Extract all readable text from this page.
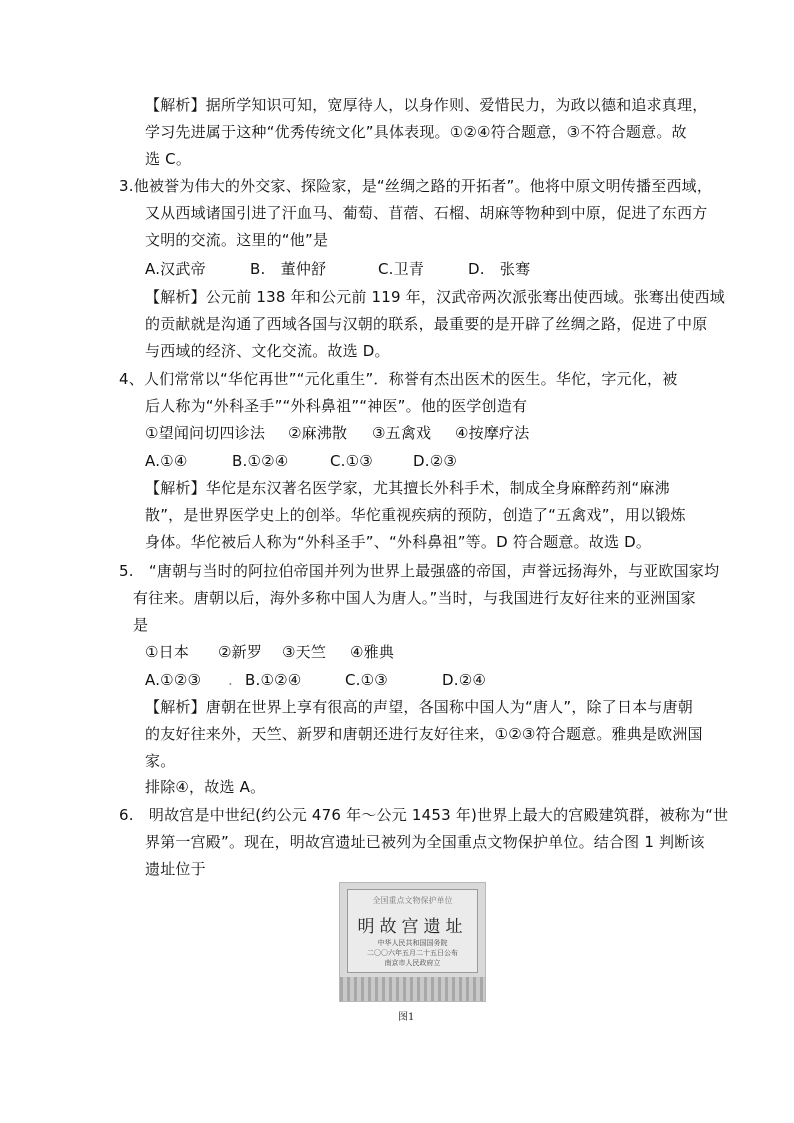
【解析】据所学知识可知，宽厚待人，以身作则、爱惜民力，为政以德和追求真理，
学习先进属于这种“优秀传统文化”具体表现。①②④符合题意，③不符合题意。故
选 C。
3.他被誉为伟大的外交家、探险家，是“丝绸之路的开拓者”。他将中原文明传播至西域，
又从西域诸国引进了汗血马、葡萄、苜蓿、石榴、胡麻等物种到中原，促进了东西方
文明的交流。这里的“他”是
A.汉武帝	B.　董仲舒	C.卫青	D.　张骞
【解析】公元前 138 年和公元前 119 年，汉武帝两次派张骞出使西域。张骞出使西域
的贡献就是沟通了西域各国与汉朝的联系，最重要的是开辟了丝绸之路，促进了中原
与西域的经济、文化交流。故选 D。
4、人们常常以“华佗再世”“元化重生”．称誉有杰出医术的医生。华佗，字元化，被
后人称为“外科圣手”“外科鼻祖”“神医”。他的医学创造有
①望闻问切四诊法 ②麻沸散 ③五禽戏 ④按摩疗法
A.①④	B.①②④	C.①③	D.②③
【解析】华佗是东汉著名医学家，尤其擅长外科手术，制成全身麻醉药剂“麻沸
散”，是世界医学史上的创举。华佗重视疾病的预防，创造了“五禽戏”，用以锻炼
身体。华佗被后人称为“外科圣手”、“外科鼻祖”等。D 符合题意。故选 D。
5.　“唐朝与当时的阿拉伯帝国并列为世界上最强盛的帝国，声誉远扬海外，与亚欧国家均
有往来。唐朝以后，海外多称中国人为唐人。”当时，与我国进行友好往来的亚洲国家
是
①日本 ②新罗 ③天竺 ④雅典
A.①②③ . B.①②④	C.①③	D.②④
【解析】唐朝在世界上享有很高的声望，各国称中国人为“唐人”，除了日本与唐朝
的友好往来外，天竺、新罗和唐朝还进行友好往来，①②③符合题意。雅典是欧洲国
家。
排除④，故选 A。
6.　明故宫是中世纪(约公元 476 年～公元 1453 年)世界上最大的宫殿建筑群，被称为“世
界第一宫殿”。现在，明故宫遗址已被列为全国重点文物保护单位。结合图 1 判断该
遗址位于
全国重点文物保护单位
明故宫遗址
中华人民共和国国务院
二〇〇六年五月二十五日公布
南京市人民政府立
图1
